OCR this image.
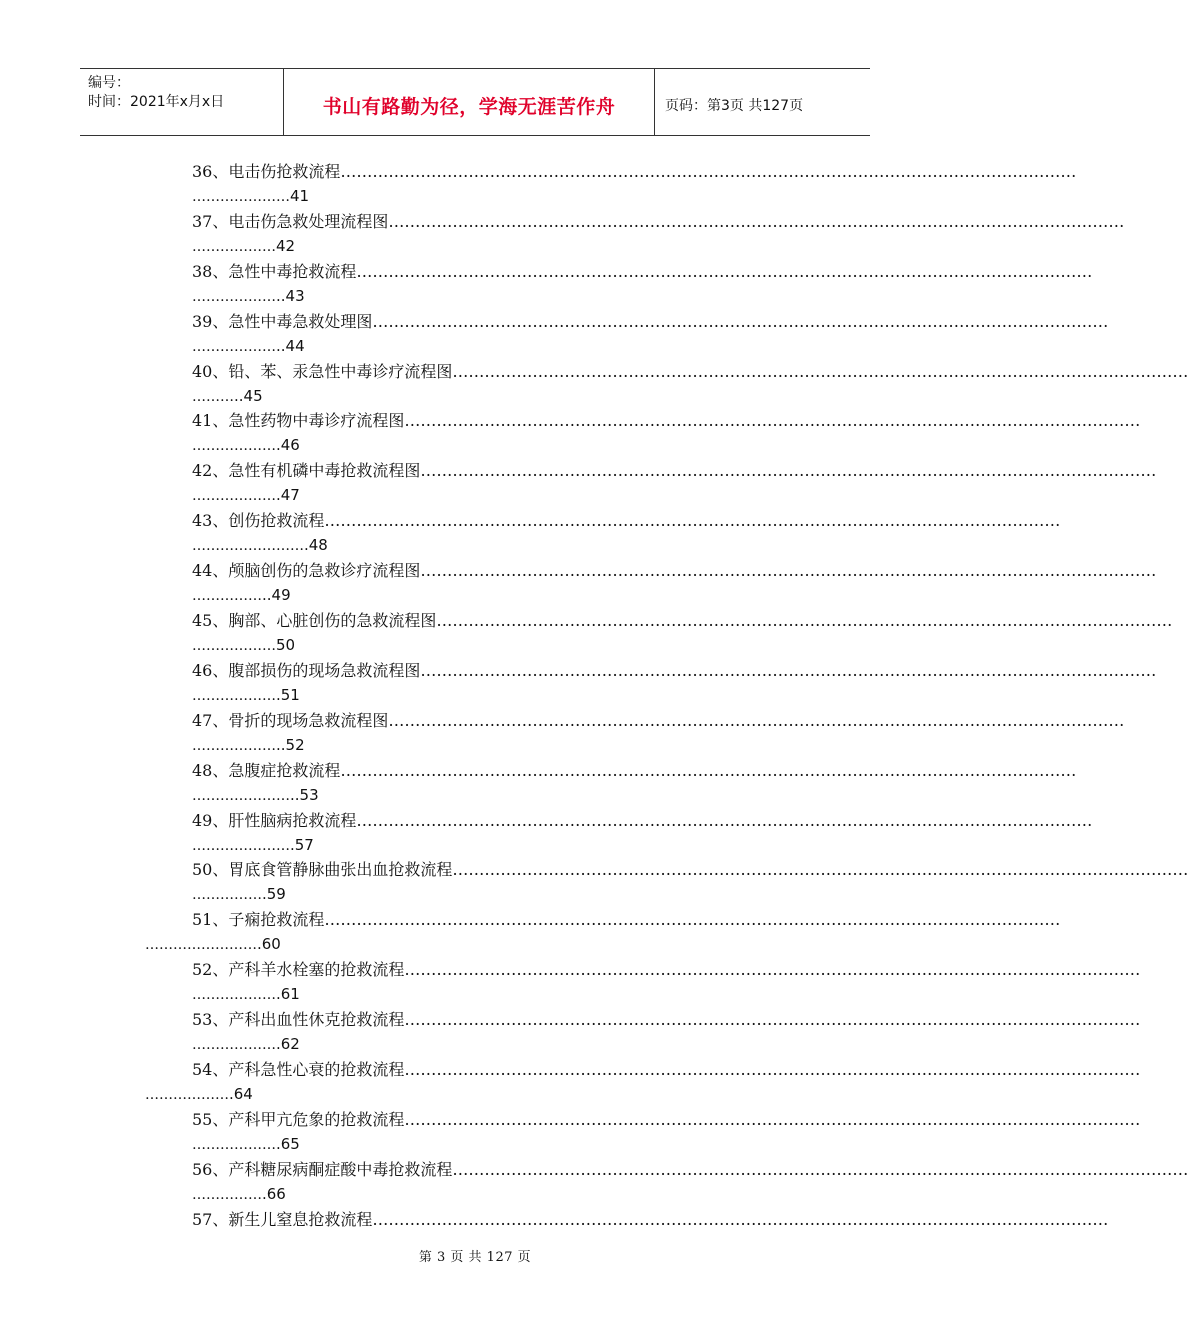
编号：
时间：2021年x月x日	书山有路勤为径，学海无涯苦作舟	页码：第3页 共127页
36、电击伤抢救流程…………………………………………………………………………………………………………………………
…………………41
37、电击伤急救处理流程图…………………………………………………………………………………………………………………………
………………42
38、急性中毒抢救流程…………………………………………………………………………………………………………………………
………………..43
39、急性中毒急救处理图…………………………………………………………………………………………………………………………
………………..44
40、铅、苯、汞急性中毒诊疗流程图…………………………………………………………………………………………………………………………
………..45
41、急性药物中毒诊疗流程图…………………………………………………………………………………………………………………………
……………….46
42、急性有机磷中毒抢救流程图…………………………………………………………………………………………………………………………
……………….47
43、创伤抢救流程…………………………………………………………………………………………………………………………
…………………….48
44、颅脑创伤的急救诊疗流程图…………………………………………………………………………………………………………………………
……………..49
45、胸部、心脏创伤的急救流程图…………………………………………………………………………………………………………………………
………………50
46、腹部损伤的现场急救流程图…………………………………………………………………………………………………………………………
……………….51
47、骨折的现场急救流程图…………………………………………………………………………………………………………………………
………………..52
48、急腹症抢救流程…………………………………………………………………………………………………………………………
…………………..53
49、肝性脑病抢救流程…………………………………………………………………………………………………………………………
………………….57
50、胃底食管静脉曲张出血抢救流程…………………………………………………………………………………………………………………………
…………….59
51、子痫抢救流程…………………………………………………………………………………………………………………………
…………………….60
52、产科羊水栓塞的抢救流程…………………………………………………………………………………………………………………………
……………….61
53、产科出血性休克抢救流程…………………………………………………………………………………………………………………………
……………….62
54、产科急性心衰的抢救流程…………………………………………………………………………………………………………………………
……………….64
55、产科甲亢危象的抢救流程…………………………………………………………………………………………………………………………
……………….65
56、产科糖尿病酮症酸中毒抢救流程…………………………………………………………………………………………………………………………
…………….66
57、新生儿窒息抢救流程…………………………………………………………………………………………………………………………
第 3 页 共 127 页
